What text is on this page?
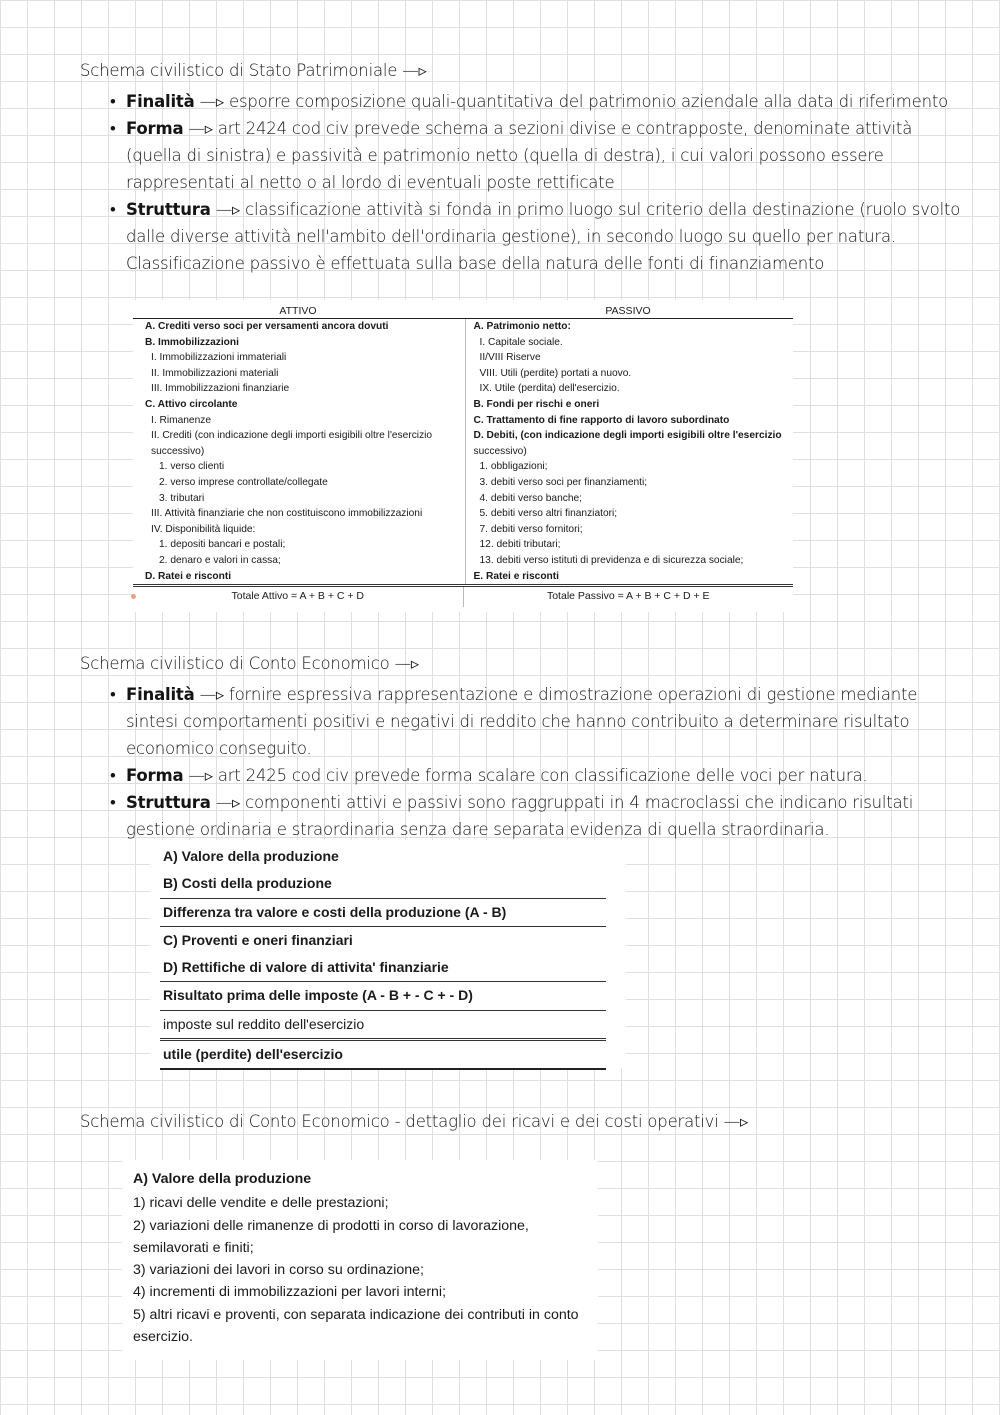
Schema civilistico di Stato Patrimoniale —▹
• Finalità —▹ esporre composizione quali-quantitativa del patrimonio aziendale alla data di riferimento
• Forma —▹ art 2424 cod civ prevede schema a sezioni divise e contrapposte, denominate attività (quella di sinistra) e passività e patrimonio netto (quella di destra), i cui valori possono essere rappresentati al netto o al lordo di eventuali poste rettificate
• Struttura —▹ classificazione attività si fonda in primo luogo sul criterio della destinazione (ruolo svolto dalle diverse attività nell'ambito dell'ordinaria gestione), in secondo luogo su quello per natura. Classificazione passivo è effettuata sulla base della natura delle fonti di finanziamento
ATTIVO	PASSIVO
A. Crediti verso soci per versamenti ancora dovuti
B. Immobilizzazioni
I. Immobilizzazioni immateriali
II. Immobilizzazioni materiali
III. Immobilizzazioni finanziarie
C. Attivo circolante
I. Rimanenze
II. Crediti (con indicazione degli importi esigibili oltre l'esercizio
successivo)
1. verso clienti
2. verso imprese controllate/collegate
3. tributari
III. Attività finanziarie che non costituiscono immobilizzazioni
IV. Disponibilità liquide:
1. depositi bancari e postali;
2. denaro e valori in cassa;
D. Ratei e risconti
A. Patrimonio netto:
I. Capitale sociale.
II/VIII Riserve
VIII. Utili (perdite) portati a nuovo.
IX. Utile (perdita) dell'esercizio.
B. Fondi per rischi e oneri
C. Trattamento di fine rapporto di lavoro subordinato
D. Debiti, (con indicazione degli importi esigibili oltre l'esercizio
successivo)
1. obbligazioni;
3. debiti verso soci per finanziamenti;
4. debiti verso banche;
5. debiti verso altri finanziatori;
7. debiti verso fornitori;
12. debiti tributari;
13. debiti verso istituti di previdenza e di sicurezza sociale;
E. Ratei e risconti
Totale Attivo = A + B + C + D	Totale Passivo = A + B + C + D + E
Schema civilistico di Conto Economico —▹
• Finalità —▹ fornire espressiva rappresentazione e dimostrazione operazioni di gestione mediante sintesi comportamenti positivi e negativi di reddito che hanno contribuito a determinare risultato economico conseguito.
• Forma —▹ art 2425 cod civ prevede forma scalare con classificazione delle voci per natura.
• Struttura —▹ componenti attivi e passivi sono raggruppati in 4 macroclassi che indicano risultati gestione ordinaria e straordinaria senza dare separata evidenza di quella straordinaria.
A) Valore della produzione
B) Costi della produzione
Differenza tra valore e costi della produzione (A - B)
C) Proventi e oneri finanziari
D) Rettifiche di valore di attivita' finanziarie
Risultato prima delle imposte (A - B + - C + - D)
imposte sul reddito dell'esercizio
utile (perdite) dell'esercizio
Schema civilistico di Conto Economico - dettaglio dei ricavi e dei costi operativi —▹
A) Valore della produzione
1) ricavi delle vendite e delle prestazioni;
2) variazioni delle rimanenze di prodotti in corso di lavorazione, semilavorati e finiti;
3) variazioni dei lavori in corso su ordinazione;
4) incrementi di immobilizzazioni per lavori interni;
5) altri ricavi e proventi, con separata indicazione dei contributi in conto esercizio.
